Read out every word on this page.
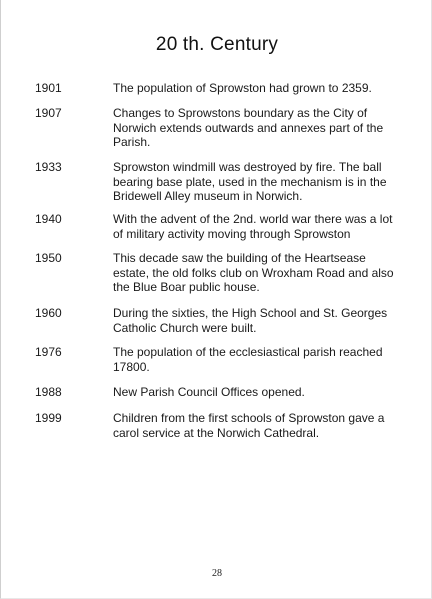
20 th. Century
1901	The population of Sprowston had grown to 2359.
1907	Changes to Sprowstons boundary as the City of Norwich extends outwards and annexes part of the Parish.
1933	Sprowston windmill was destroyed by fire. The ball bearing base plate, used in the mechanism is in the Bridewell Alley museum in Norwich.
1940	With the advent of the 2nd. world war there was a lot of military activity moving through Sprowston
1950	This decade saw the building of the Heartsease estate, the old folks club on Wroxham Road and also the Blue Boar public house.
1960	During the sixties, the High School and St. Georges Catholic Church were built.
1976	The population of the ecclesiastical parish reached 17800.
1988	New Parish Council Offices opened.
1999	Children from the first schools of Sprowston gave a carol service at the Norwich Cathedral.
28
